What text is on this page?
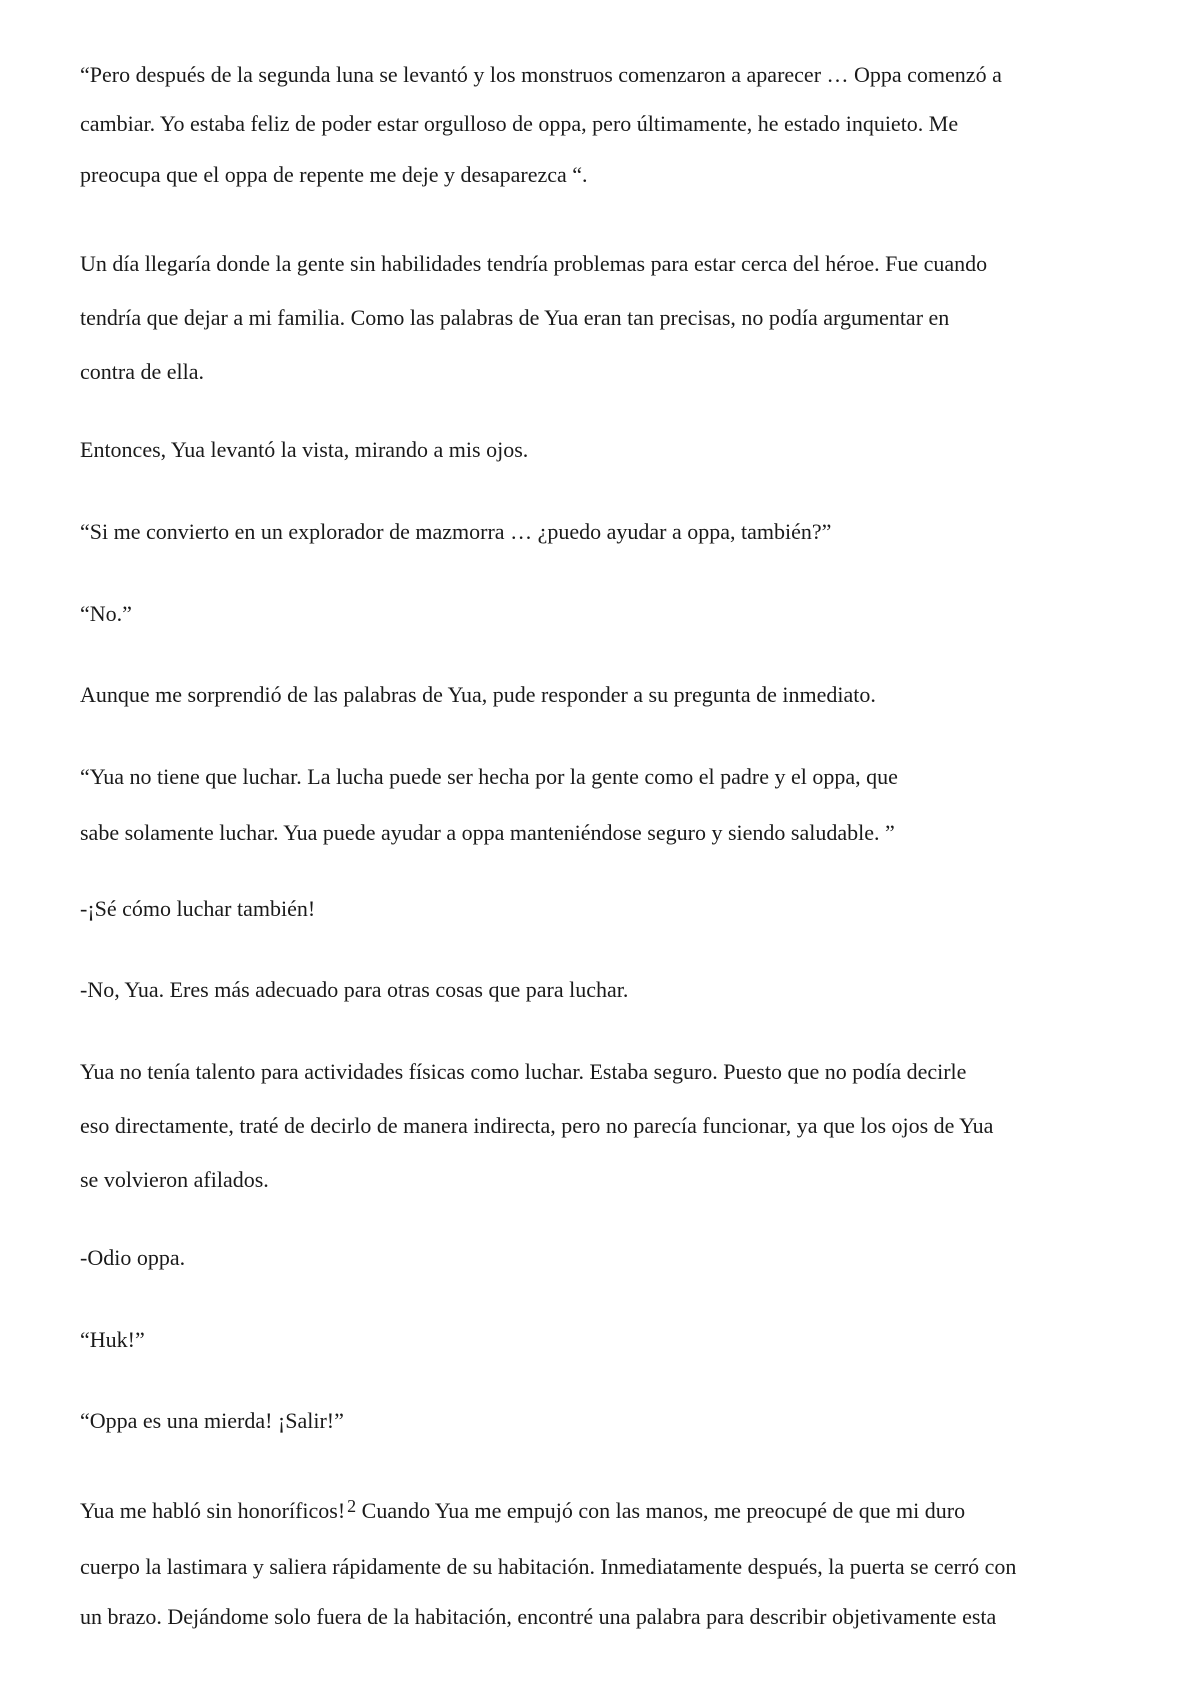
“Pero después de la segunda luna se levantó y los monstruos comenzaron a aparecer … Oppa comenzó a

cambiar. Yo estaba feliz de poder estar orgulloso de oppa, pero últimamente, he estado inquieto. Me

preocupa que el oppa de repente me deje y desaparezca “.

Un día llegaría donde la gente sin habilidades tendría problemas para estar cerca del héroe. Fue cuando

tendría que dejar a mi familia. Como las palabras de Yua eran tan precisas, no podía argumentar en

contra de ella.

Entonces, Yua levantó la vista, mirando a mis ojos.

“Si me convierto en un explorador de mazmorra … ¿puedo ayudar a oppa, también?”

“No.”

Aunque me sorprendió de las palabras de Yua, pude responder a su pregunta de inmediato.

“Yua no tiene que luchar. La lucha puede ser hecha por la gente como el padre y el oppa, que

sabe solamente luchar. Yua puede ayudar a oppa manteniéndose seguro y siendo saludable. ”

-¡Sé cómo luchar también!

-No, Yua. Eres más adecuado para otras cosas que para luchar.

Yua no tenía talento para actividades físicas como luchar. Estaba seguro. Puesto que no podía decirle

eso directamente, traté de decirlo de manera indirecta, pero no parecía funcionar, ya que los ojos de Yua

se volvieron afilados.

-Odio oppa.

“Huk!”

“Oppa es una mierda! ¡Salir!”

Yua me habló sin honoríficos! $^2$ Cuando Yua me empujó con las manos, me preocupé de que mi duro

cuerpo la lastimara y saliera rápidamente de su habitación. Inmediatamente después, la puerta se cerró con

un brazo. Dejándome solo fuera de la habitación, encontré una palabra para describir objetivamente esta
